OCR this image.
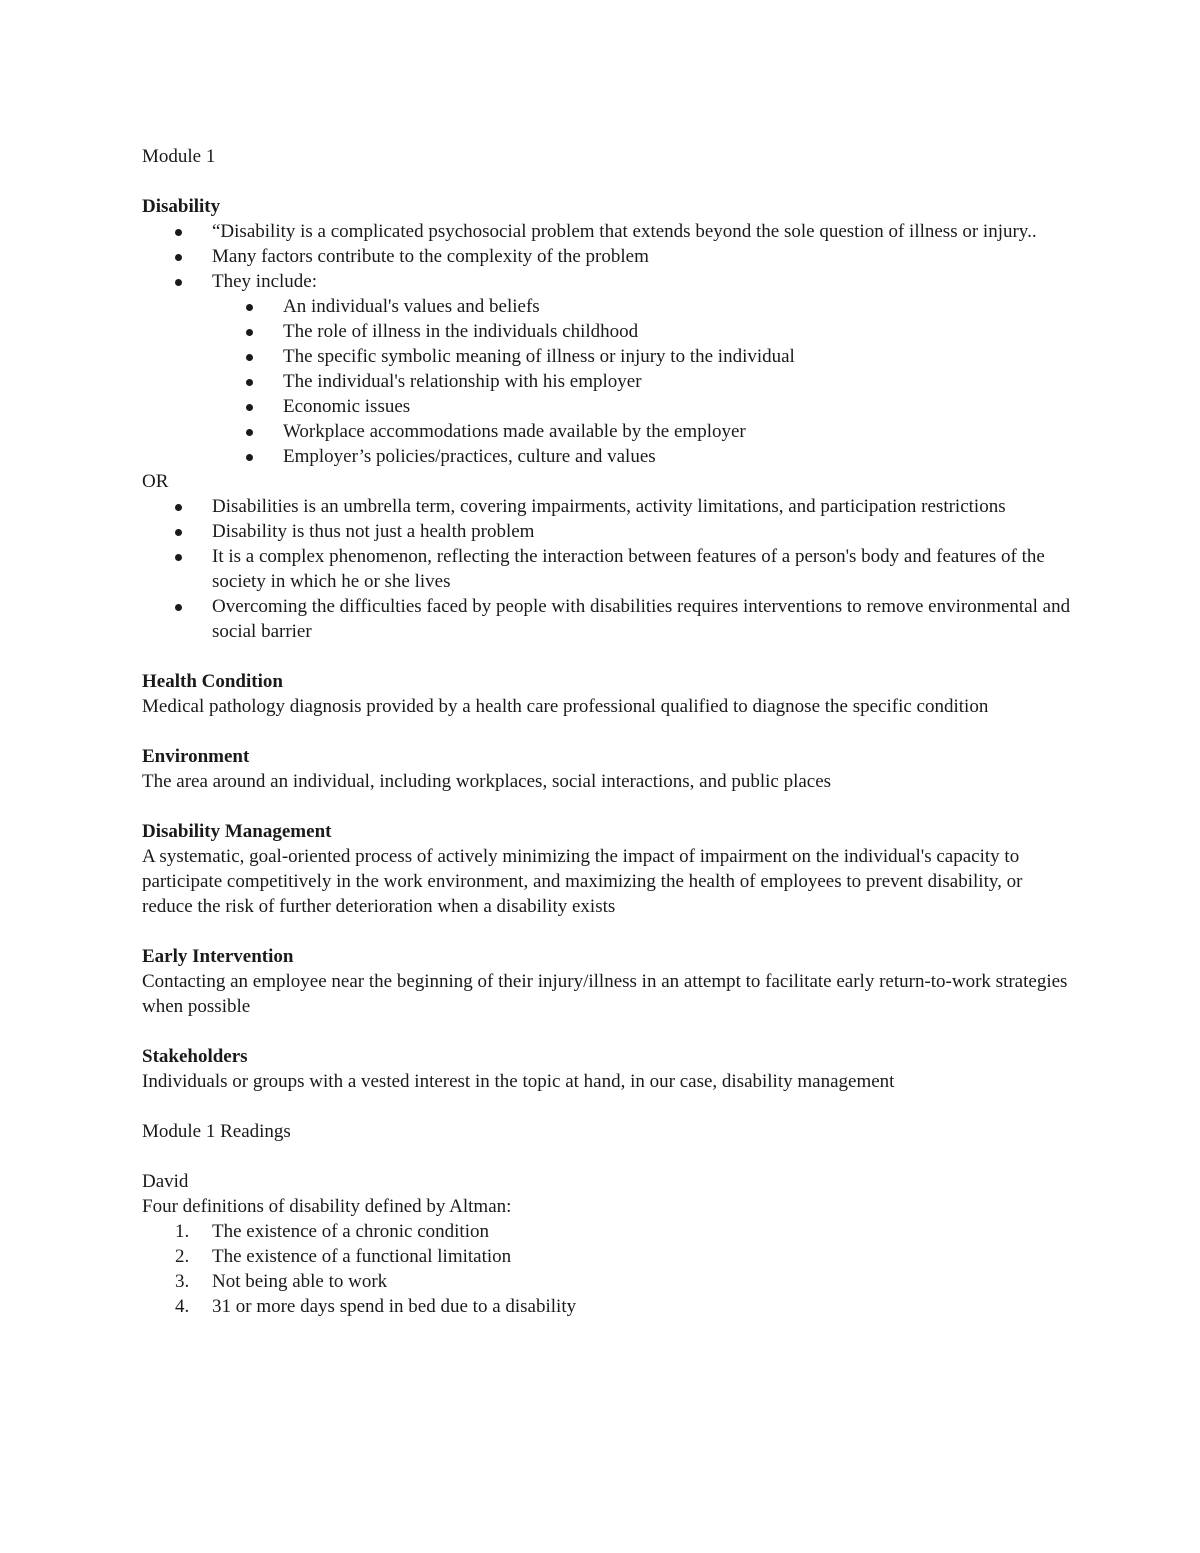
Module 1

Disability

“Disability is a complicated psychosocial problem that extends beyond the sole question of illness or injury..
Many factors contribute to the complexity of the problem
They include:
An individual's values and beliefs
The role of illness in the individuals childhood
The specific symbolic meaning of illness or injury to the individual
The individual's relationship with his employer
Economic issues
Workplace accommodations made available by the employer
Employer’s policies/practices, culture and values

OR

Disabilities is an umbrella term, covering impairments, activity limitations, and participation restrictions
Disability is thus not just a health problem
It is a complex phenomenon, reflecting the interaction between features of a person's body and features of the society in which he or she lives
Overcoming the difficulties faced by people with disabilities requires interventions to remove environmental and social barrier

Health Condition

Medical pathology diagnosis provided by a health care professional qualified to diagnose the specific condition

Environment

The area around an individual, including workplaces, social interactions, and public places

Disability Management

A systematic, goal-oriented process of actively minimizing the impact of impairment on the individual's capacity to participate competitively in the work environment, and maximizing the health of employees to prevent disability, or reduce the risk of further deterioration when a disability exists

Early Intervention

Contacting an employee near the beginning of their injury/illness in an attempt to facilitate early return-to-work strategies when possible

Stakeholders

Individuals or groups with a vested interest in the topic at hand, in our case, disability management

Module 1 Readings

David

Four definitions of disability defined by Altman:

1.	The existence of a chronic condition
2.	The existence of a functional limitation
3.	Not being able to work
4.	31 or more days spend in bed due to a disability
